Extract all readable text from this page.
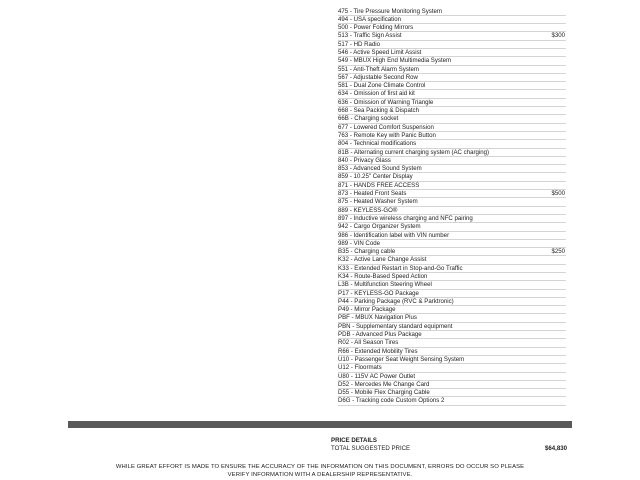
475 - Tire Pressure Monitoring System
494 - USA specification
500 - Power Folding Mirrors
513 - Traffic Sign Assist	$300
517 - HD Radio
546 - Active Speed Limit Assist
549 - MBUX High End Multimedia System
551 - Anti-Theft Alarm System
567 - Adjustable Second Row
581 - Dual Zone Climate Control
634 - Omission of first aid kit
636 - Omission of Warning Triangle
668 - Sea Packing & Dispatch
66B - Charging socket
677 - Lowered Comfort Suspension
763 - Remote Key with Panic Button
804 - Technical modifications
81B - Alternating current charging system (AC charging)
840 - Privacy Glass
853 - Advanced Sound System
859 - 10.25" Center Display
871 - HANDS FREE ACCESS
873 - Heated Front Seats	$500
875 - Heated Washer System
889 - KEYLESS-GO®
897 - Inductive wireless charging and NFC pairing
942 - Cargo Organizer System
986 - Identification label with VIN number
989 - VIN Code
B35 - Charging cable	$250
K32 - Active Lane Change Assist
K33 - Extended Restart in Stop-and-Go Traffic
K34 - Route-Based Speed Action
L3B - Multifunction Steering Wheel
P17 - KEYLESS-GO Package
P44 - Parking Package (RVC & Parktronic)
P49 - Mirror Package
PBF - MBUX Navigation Plus
PBN - Supplementary standard equipment
PDB - Advanced Plus Package
R02 - All Season Tires
R66 - Extended Mobility Tires
U10 - Passenger Seat Weight Sensing System
U12 - Floormats
U80 - 115V AC Power Outlet
D52 - Mercedes Me Change Card
D55 - Mobile Flex Charging Cable
D6G - Tracking code Custom Options 2
PRICE DETAILS
TOTAL SUGGESTED PRICE	$64,830
WHILE GREAT EFFORT IS MADE TO ENSURE THE ACCURACY OF THE INFORMATION ON THIS DOCUMENT, ERRORS DO OCCUR SO PLEASE VERIFY INFORMATION WITH A DEALERSHIP REPRESENTATIVE.
